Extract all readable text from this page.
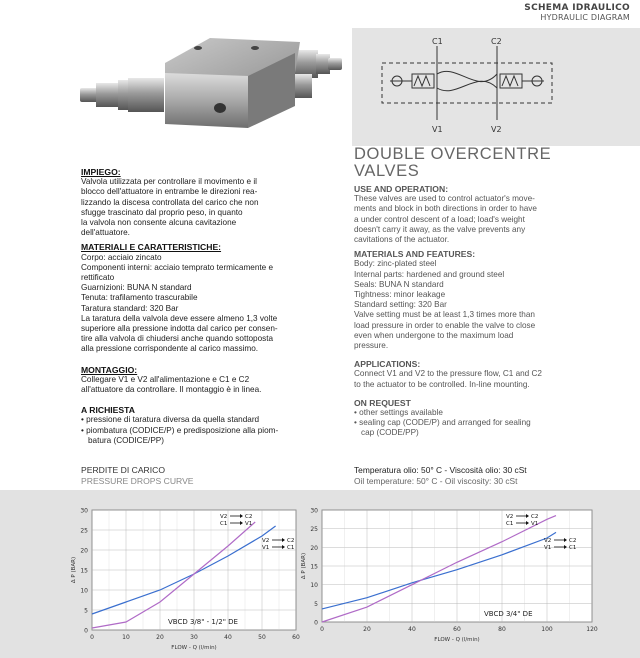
SCHEMA IDRAULICO
HYDRAULIC DIAGRAM
C1	C2
V1	V2
DOUBLE OVERCENTRE
VALVES

IMPIEGO:

Valvola utilizzata per controllare il movimento e il

blocco dell'attuatore in entrambe le direzioni rea-

lizzando la discesa controllata del carico che non

sfugge trascinato dal proprio peso, in quanto

la valvola non consente alcuna cavitazione

dell'attuatore.

MATERIALI E CARATTERISTICHE:

Corpo: acciaio zincato

Componenti interni: acciaio temprato termicamente e

rettificato

Guarnizioni: BUNA N standard

Tenuta: trafilamento trascurabile

Taratura standard: 320 Bar

La taratura della valvola deve essere almeno 1,3 volte

superiore alla pressione indotta dal carico per consen-

tire alla valvola di chiudersi anche quando sottoposta

alla pressione corrispondente al carico massimo.

MONTAGGIO:

Collegare V1 e V2 all'alimentazione e C1 e C2

all'attuatore da controllare. Il montaggio è in linea.

A RICHIESTA

• pressione di taratura diversa da quella standard

• piombatura (CODICE/P) e predisposizione alla piom-

batura (CODICE/PP)

PERDITE DI CARICO
PRESSURE DROPS CURVE

USE AND OPERATION:

These valves are used to control actuator's move-

ments and block in both directions in order to have

a under control descent of a load; load's weight

doesn't carry it away, as the valve prevents any

cavitations of the actuator.

MATERIALS AND FEATURES:

Body: zinc-plated steel

Internal parts: hardened and ground steel

Seals: BUNA N standard

Tightness: minor leakage

Standard setting: 320 Bar

Valve setting must be at least 1,3 times more than

load pressure in order to enable the valve to close

even when undergone to the maximum load

pressure.

APPLICATIONS:

Connect V1 and V2 to the pressure flow, C1 and C2

to the actuator to be controlled. In-line mounting.

ON REQUEST

• other settings available

• sealing cap (CODE/P) and arranged for sealing

cap (CODE/PP)

Temperatura olio: 50° C - Viscosità olio: 30 cSt
Oil temperature: 50° C - Oil viscosity: 30 cSt
0
5
10
15
20
25
30
0	10	20	30	40	50	60
FLOW - Q (l/min)
Δ P (BAR)
V2	C2
C1	V1
V2	C2
V1	C1
VBCD 3/8" - 1/2" DE	0
5
10
15
20
25
30
0	20	40	60	80	100	120
FLOW - Q (l/min)
Δ P (BAR)
V2	C2
C1	V1
V2	C2
V1	C1
VBCD 3/4" DE
